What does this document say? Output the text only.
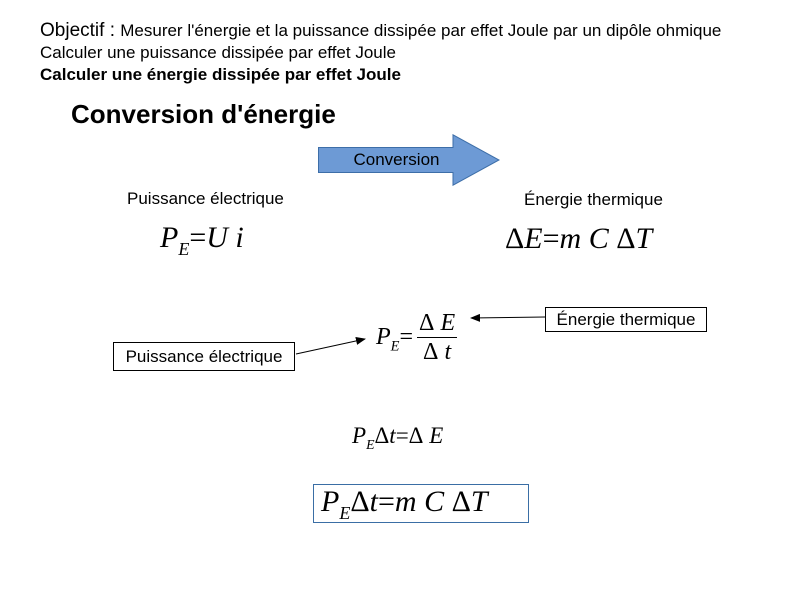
Objectif : Mesurer l'énergie et la puissance dissipée par effet Joule par un dipôle ohmique
Calculer une puissance dissipée par effet Joule
Calculer une énergie dissipée par effet Joule
Conversion d'énergie
Conversion
Puissance électrique	Énergie thermique
$P_E=U$ i	ΔE=m C ΔT
$P_E= \frac{\text{Δ E}}{\text{Δ t}}$	Énergie thermique
Puissance électrique
$P_E\Delta t=\Delta$ E
$P_E\Delta t=m$ C ΔT
